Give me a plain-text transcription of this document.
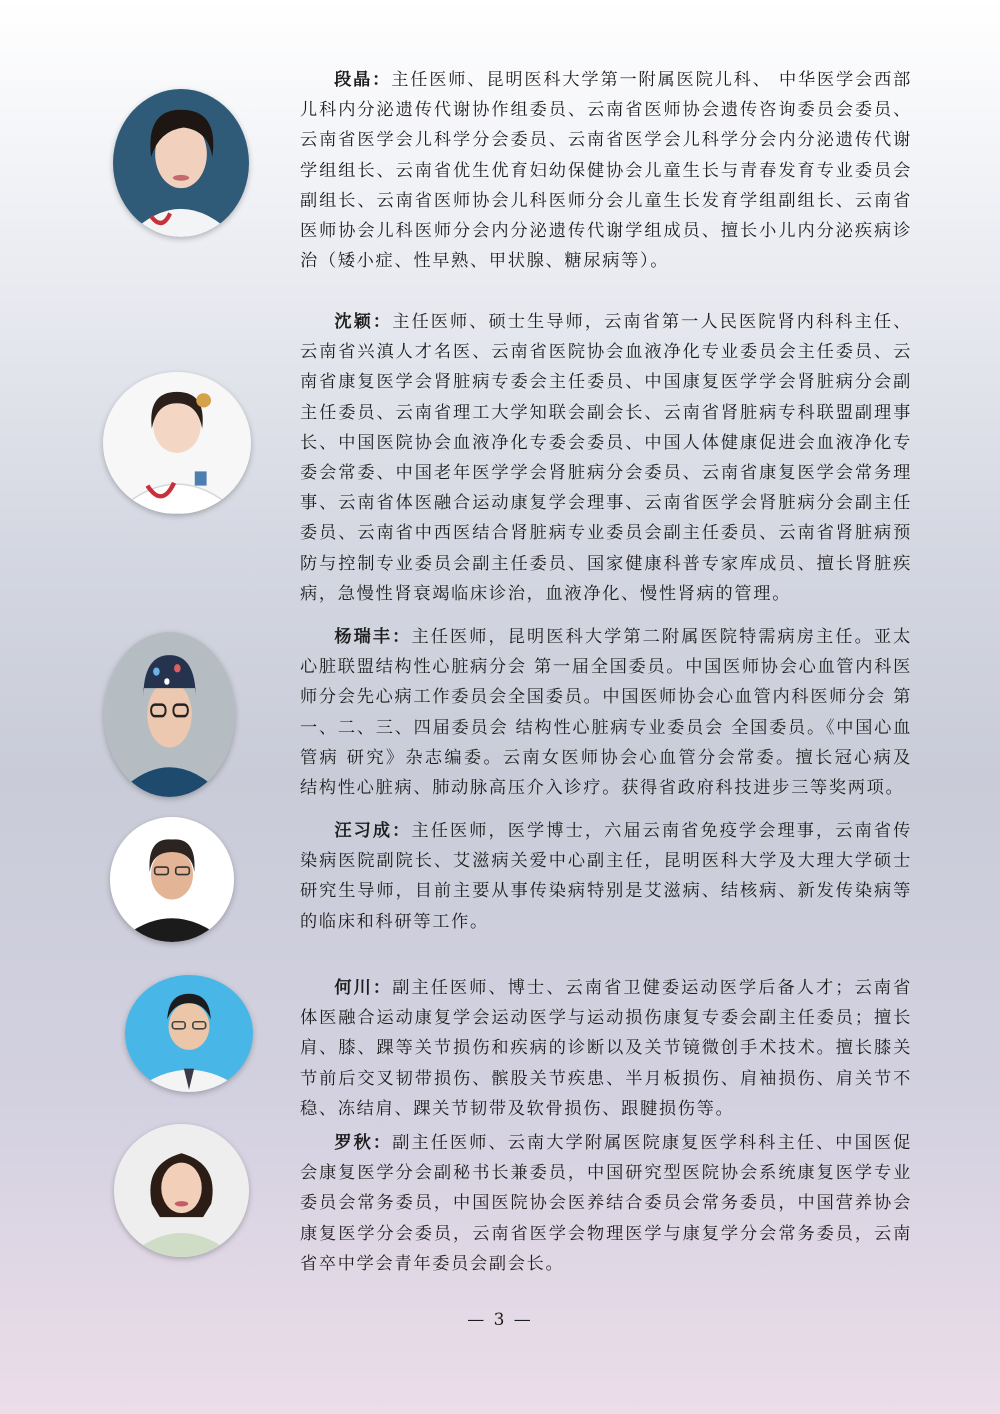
段晶：主任医师、昆明医科大学第一附属医院儿科、 中华医学会西部儿科内分泌遗传代谢协作组委员、云南省医师协会遗传咨询委员会委员、云南省医学会儿科学分会委员、云南省医学会儿科学分会内分泌遗传代谢学组组长、云南省优生优育妇幼保健协会儿童生长与青春发育专业委员会副组长、云南省医师协会儿科医师分会儿童生长发育学组副组长、云南省医师协会儿科医师分会内分泌遗传代谢学组成员、擅长小儿内分泌疾病诊治（矮小症、性早熟、甲状腺、糖尿病等）。

沈颖：主任医师、硕士生导师，云南省第一人民医院肾内科科主任、云南省兴滇人才名医、云南省医院协会血液净化专业委员会主任委员、云南省康复医学会肾脏病专委会主任委员、中国康复医学学会肾脏病分会副主任委员、云南省理工大学知联会副会长、云南省肾脏病专科联盟副理事长、中国医院协会血液净化专委会委员、中国人体健康促进会血液净化专委会常委、中国老年医学学会肾脏病分会委员、云南省康复医学会常务理事、云南省体医融合运动康复学会理事、云南省医学会肾脏病分会副主任委员、云南省中西医结合肾脏病专业委员会副主任委员、云南省肾脏病预防与控制专业委员会副主任委员、国家健康科普专家库成员、擅长肾脏疾病，急慢性肾衰竭临床诊治，血液净化、慢性肾病的管理。

杨瑞丰：主任医师，昆明医科大学第二附属医院特需病房主任。亚太心脏联盟结构性心脏病分会 第一届全国委员。中国医师协会心血管内科医师分会先心病工作委员会全国委员。中国医师协会心血管内科医师分会 第一、二、三、四届委员会 结构性心脏病专业委员会 全国委员。《中国心血管病 研究》杂志编委。云南女医师协会心血管分会常委。擅长冠心病及 结构性心脏病、肺动脉高压介入诊疗。获得省政府科技进步三等奖两项。

汪习成：主任医师，医学博士，六届云南省免疫学会理事，云南省传染病医院副院长、艾滋病关爱中心副主任，昆明医科大学及大理大学硕士研究生导师，目前主要从事传染病特别是艾滋病、结核病、新发传染病等的临床和科研等工作。

何川：副主任医师、博士、云南省卫健委运动医学后备人才；云南省体医融合运动康复学会运动医学与运动损伤康复专委会副主任委员；擅长肩、膝、踝等关节损伤和疾病的诊断以及关节镜微创手术技术。擅长膝关节前后交叉韧带损伤、髌股关节疾患、半月板损伤、肩袖损伤、肩关节不稳、冻结肩、踝关节韧带及软骨损伤、跟腱损伤等。

罗秋：副主任医师、云南大学附属医院康复医学科科主任、中国医促会康复医学分会副秘书长兼委员，中国研究型医院协会系统康复医学专业委员会常务委员，中国医院协会医养结合委员会常务委员，中国营养协会康复医学分会委员，云南省医学会物理医学与康复学分会常务委员，云南省卒中学会青年委员会副会长。

— 3 —
